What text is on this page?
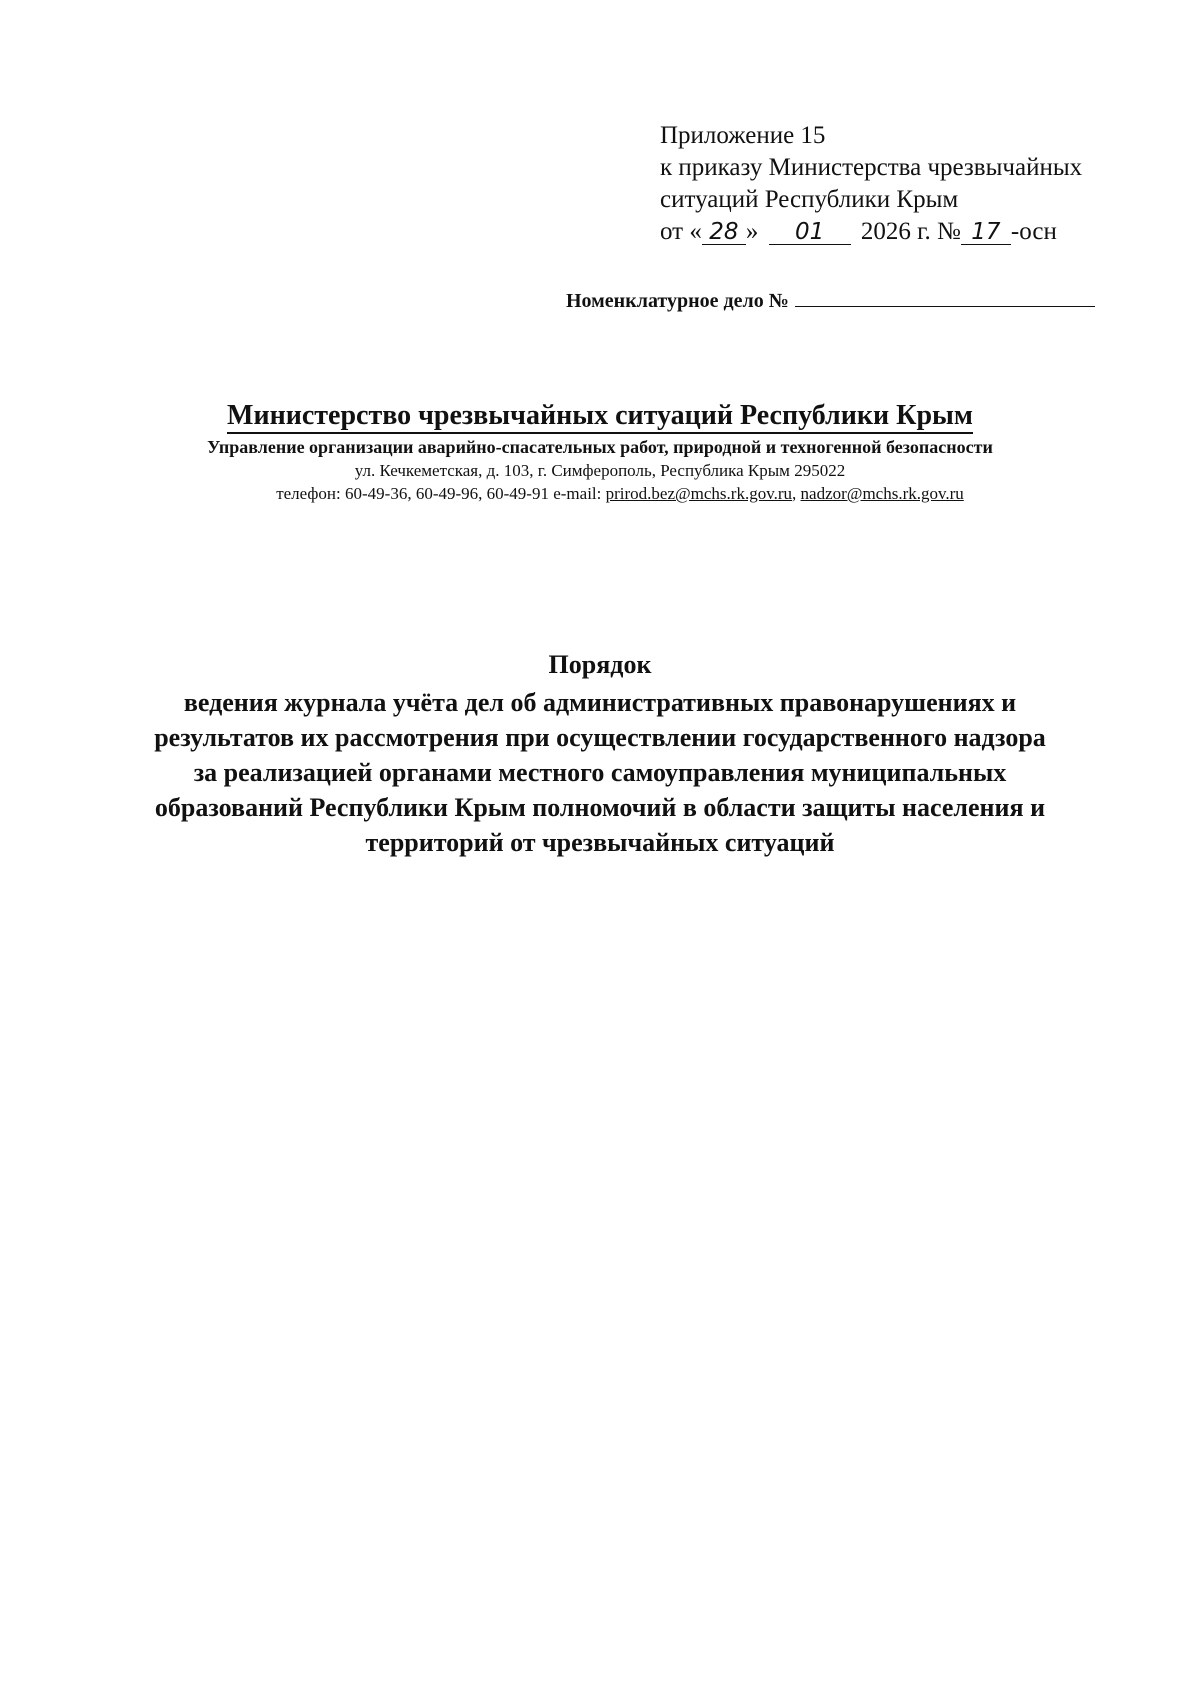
Приложение 15
к приказу Министерства чрезвычайных
ситуаций Республики Крым
от « 28 » 01 2026 г. № 17 -осн
Номенклатурное дело №
Министерство чрезвычайных ситуаций Республики Крым
Управление организации аварийно-спасательных работ, природной и техногенной безопасности
ул. Кечкеметская, д. 103, г. Симферополь, Республика Крым 295022
телефон: 60-49-36, 60-49-96, 60-49-91 e-mail: prirod.bez@mchs.rk.gov.ru, nadzor@mchs.rk.gov.ru
Порядок
ведения журнала учёта дел об административных правонарушениях и
результатов их рассмотрения при осуществлении государственного надзора
за реализацией органами местного самоуправления муниципальных
образований Республики Крым полномочий в области защиты населения и
территорий от чрезвычайных ситуаций
